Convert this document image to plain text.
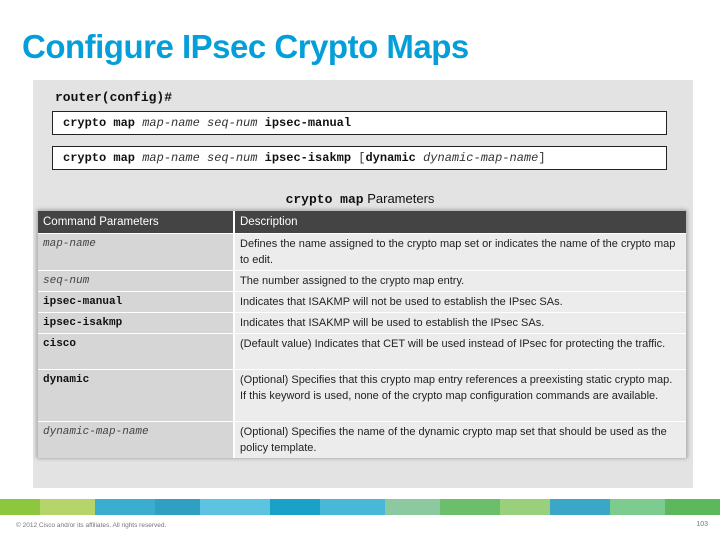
Configure IPsec Crypto Maps
router(config)#
crypto map map-name seq-num ipsec-manual
crypto map map-name seq-num ipsec-isakmp [dynamic dynamic-map-name]
crypto map Parameters
Command Parameters	Description
map-name	Defines the name assigned to the crypto map set or indicates the name of the crypto map to edit.
seq-num	The number assigned to the crypto map entry.
ipsec-manual	Indicates that ISAKMP will not be used to establish the IPsec SAs.
ipsec-isakmp	Indicates that ISAKMP will be used to establish the IPsec SAs.
cisco	(Default value) Indicates that CET will be used instead of IPsec for protecting the traffic.
dynamic	(Optional) Specifies that this crypto map entry references a preexisting static crypto map. If this keyword is used, none of the crypto map configuration commands are available.
dynamic-map-name	(Optional) Specifies the name of the dynamic crypto map set that should be used as the policy template.
© 2012 Cisco and/or its affiliates. All rights reserved.	103
